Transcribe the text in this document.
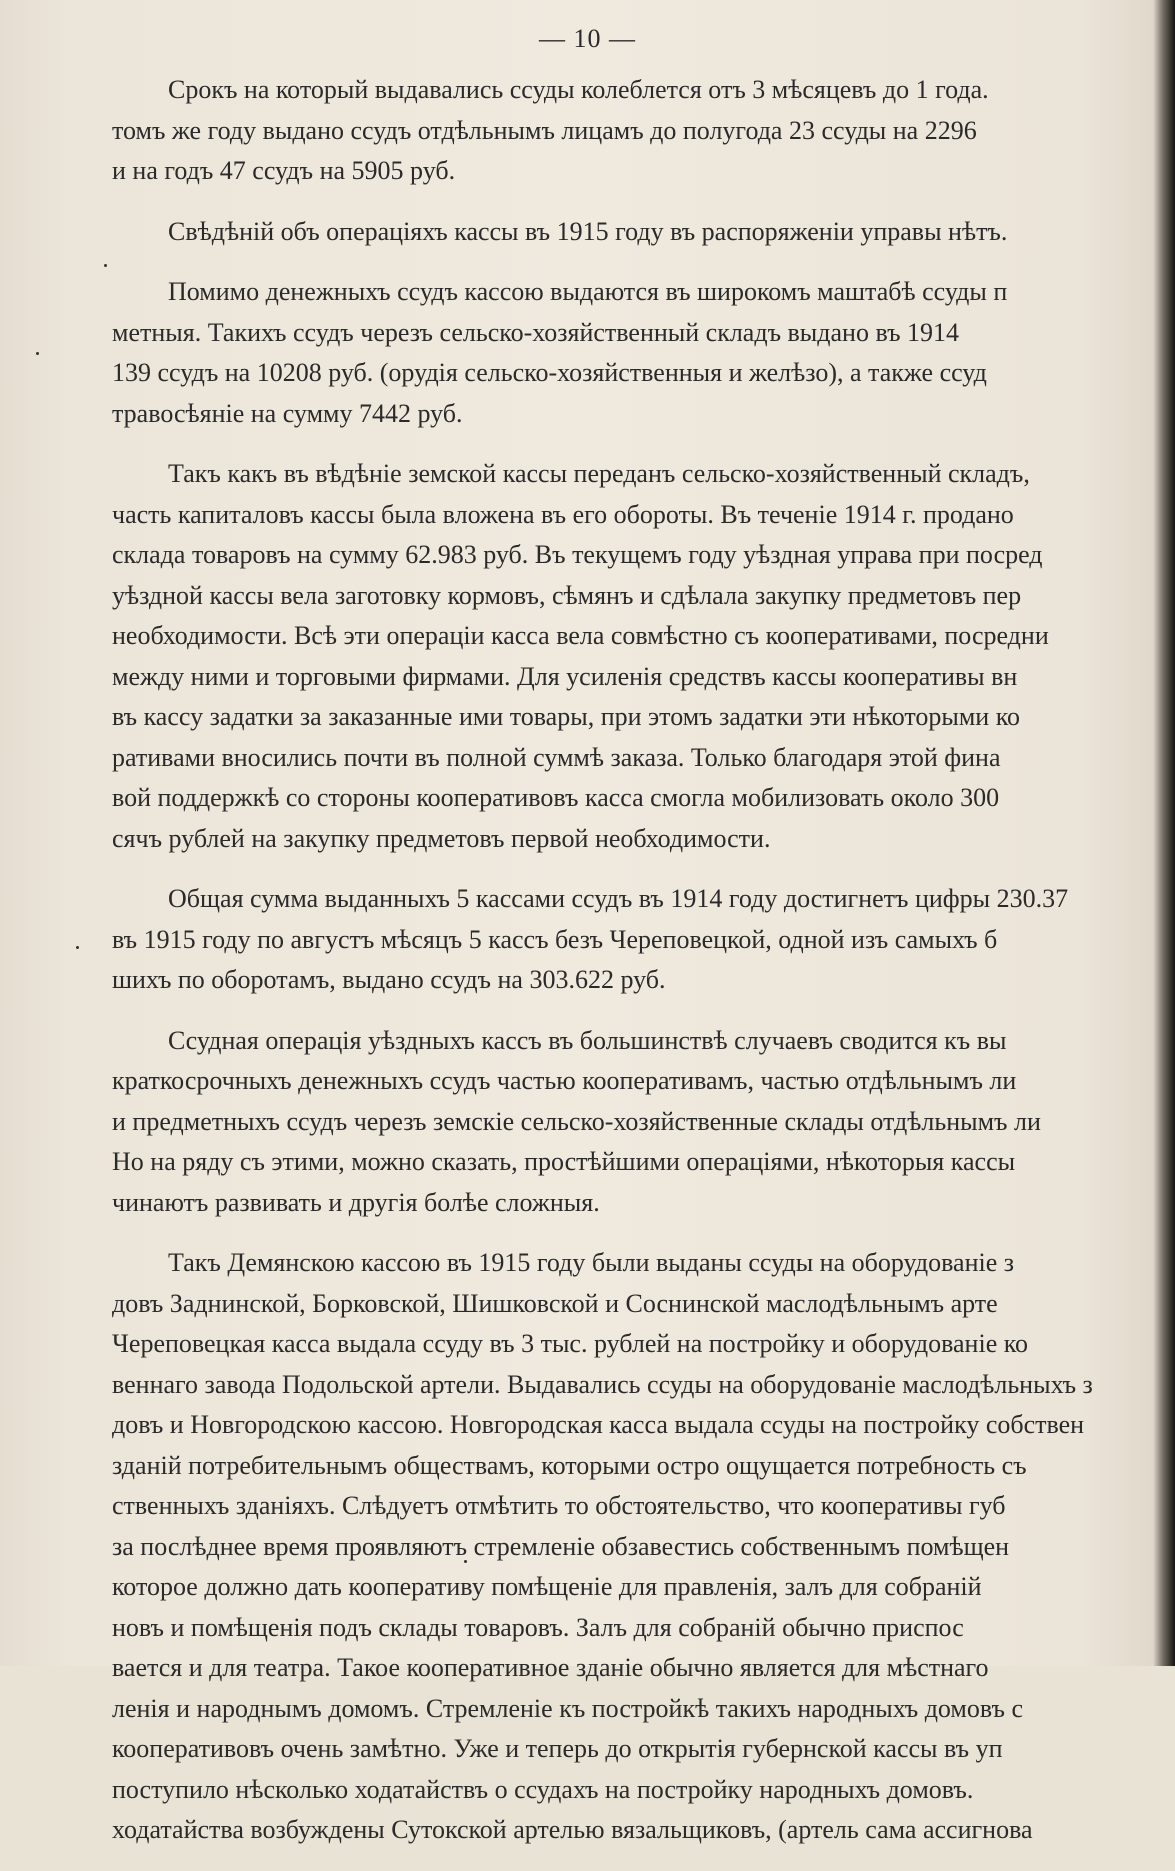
— 10 —
Срокъ на который выдавались ссуды колеблется отъ 3 мѣсяцевъ до 1 года.
томъ же году выдано ссудъ отдѣльнымъ лицамъ до полугода 23 ссуды на 2296
и на годъ 47 ссудъ на 5905 руб.
Свѣдѣній объ операціяхъ кассы въ 1915 году въ распоряженіи управы нѣтъ.
Помимо денежныхъ ссудъ кассою выдаются въ широкомъ маштабѣ ссуды п
метныя. Такихъ ссудъ черезъ сельско-хозяйственный складъ выдано въ 1914
139 ссудъ на 10208 руб. (орудія сельско-хозяйственныя и желѣзо), а также ссуд
травосѣяніе на сумму 7442 руб.
Такъ какъ въ вѣдѣніе земской кассы переданъ сельско-хозяйственный складъ,
часть капиталовъ кассы была вложена въ его обороты. Въ теченіе 1914 г. продано
склада товаровъ на сумму 62.983 руб. Въ текущемъ году уѣздная управа при посред
уѣздной кассы вела заготовку кормовъ, сѣмянъ и сдѣлала закупку предметовъ пер
необходимости. Всѣ эти операціи касса вела совмѣстно съ кооперативами, посредни
между ними и торговыми фирмами. Для усиленія средствъ кассы кооперативы вн
въ кассу задатки за заказанные ими товары, при этомъ задатки эти нѣкоторыми ко
ративами вносились почти въ полной суммѣ заказа. Только благодаря этой фина
вой поддержкѣ со стороны кооперативовъ касса смогла мобилизовать около 300
сячъ рублей на закупку предметовъ первой необходимости.
Общая сумма выданныхъ 5 кассами ссудъ въ 1914 году достигнетъ цифры 230.37
въ 1915 году по августъ мѣсяцъ 5 кассъ безъ Череповецкой, одной изъ самыхъ б
шихъ по оборотамъ, выдано ссудъ на 303.622 руб.
Ссудная операція уѣздныхъ кассъ въ большинствѣ случаевъ сводится къ вы
краткосрочныхъ денежныхъ ссудъ частью кооперативамъ, частью отдѣльнымъ ли
и предметныхъ ссудъ черезъ земскіе сельско-хозяйственные склады отдѣльнымъ ли
Но на ряду съ этими, можно сказать, простѣйшими операціями, нѣкоторыя кассы
чинаютъ развивать и другія болѣе сложныя.
Такъ Демянскою кассою въ 1915 году были выданы ссуды на оборудованіе з
довъ Заднинской, Борковской, Шишковской и Соснинской маслодѣльнымъ арте
Череповецкая касса выдала ссуду въ 3 тыс. рублей на постройку и оборудованіе ко
веннаго завода Подольской артели. Выдавались ссуды на оборудованіе маслодѣльныхъ з
довъ и Новгородскою кассою. Новгородская касса выдала ссуды на постройку собствен
зданій потребительнымъ обществамъ, которыми остро ощущается потребность съ
ственныхъ зданіяхъ. Слѣдуетъ отмѣтить то обстоятельство, что кооперативы губ
за послѣднее время проявляютъ стремленіе обзавестись собственнымъ помѣщен
которое должно дать кооперативу помѣщеніе для правленія, залъ для собраній
новъ и помѣщенія подъ склады товаровъ. Залъ для собраній обычно приспос
вается и для театра. Такое кооперативное зданіе обычно является для мѣстнаго
ленія и народнымъ домомъ. Стремленіе къ постройкѣ такихъ народныхъ домовъ с
кооперативовъ очень замѣтно. Уже и теперь до открытія губернской кассы въ уп
поступило нѣсколько ходатайствъ о ссудахъ на постройку народныхъ домовъ.
ходатайства возбуждены Сутокской артелью вязальщиковъ, (артель сама ассигнова
